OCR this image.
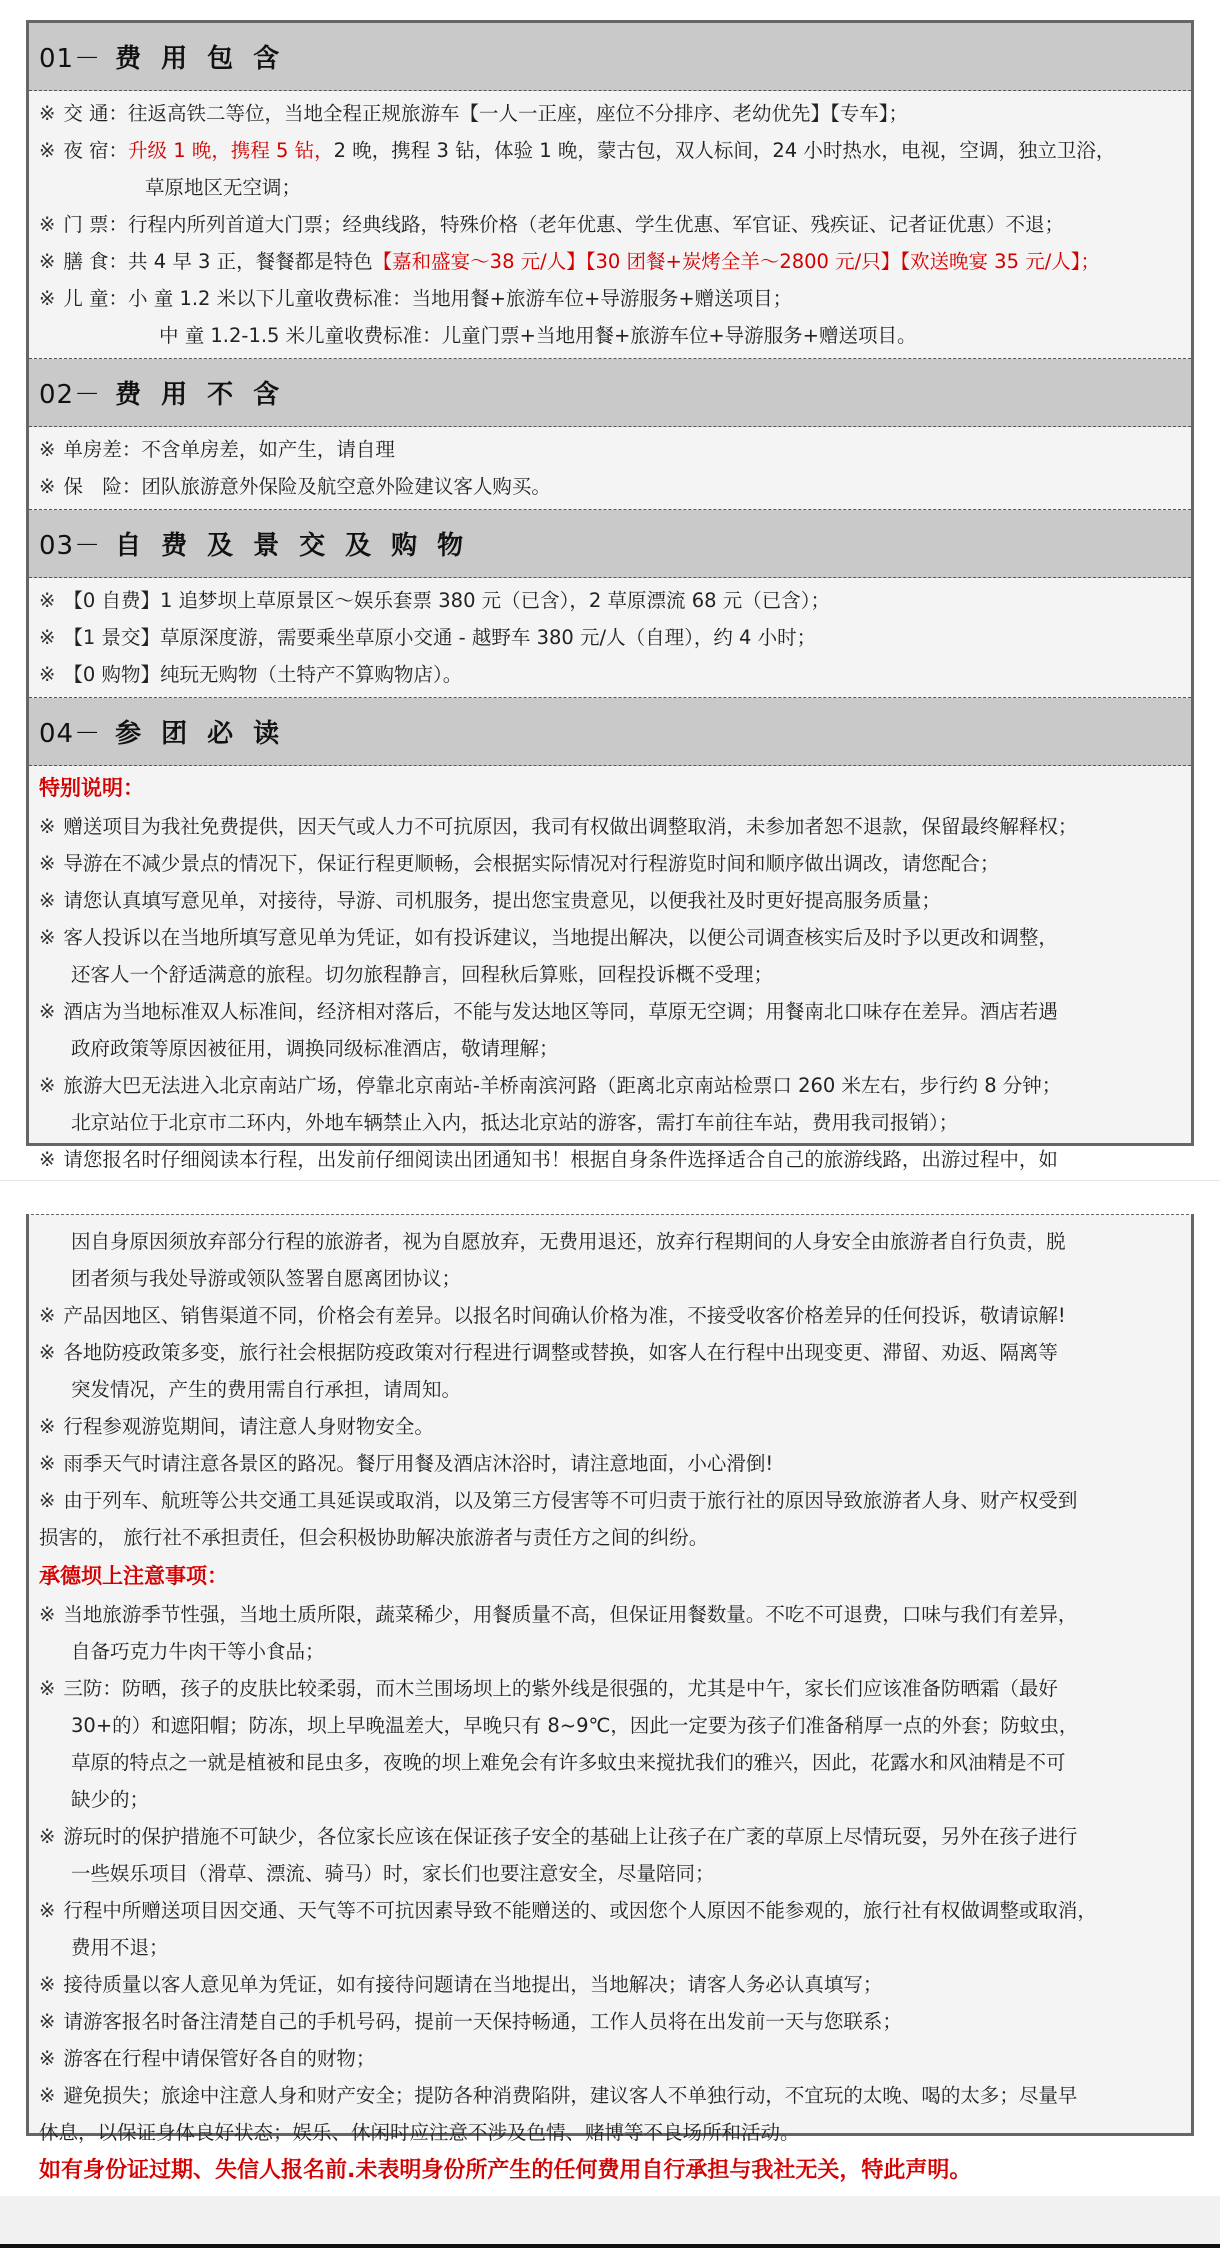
01－ 费用包含
※ 交 通：往返高铁二等位，当地全程正规旅游车【一人一正座，座位不分排序、老幼优先】【专车】；
※ 夜 宿：升级 1 晚，携程 5 钻，2 晚，携程 3 钻，体验 1 晚，蒙古包，双人标间，24 小时热水，电视，空调，独立卫浴，
草原地区无空调；
※ 门 票：行程内所列首道大门票；经典线路，特殊价格（老年优惠、学生优惠、军官证、残疾证、记者证优惠）不退；
※ 膳 食：共 4 早 3 正，餐餐都是特色【嘉和盛宴～38 元/人】【30 团餐+炭烤全羊～2800 元/只】【欢送晚宴 35 元/人】；
※ 儿 童：小 童 1.2 米以下儿童收费标准：当地用餐+旅游车位+导游服务+赠送项目；
中 童 1.2-1.5 米儿童收费标准：儿童门票+当地用餐+旅游车位+导游服务+赠送项目。
02－ 费用不含
※ 单房差：不含单房差，如产生，请自理
※ 保　险：团队旅游意外保险及航空意外险建议客人购买。
03－ 自费及景交及购物
※ 【0 自费】1 追梦坝上草原景区～娱乐套票 380 元（已含），2 草原漂流 68 元（已含）；
※ 【1 景交】草原深度游，需要乘坐草原小交通 - 越野车 380 元/人（自理），约 4 小时；
※ 【0 购物】纯玩无购物（土特产不算购物店）。
04－ 参团必读
特别说明：
※ 赠送项目为我社免费提供，因天气或人力不可抗原因，我司有权做出调整取消，未参加者恕不退款，保留最终解释权；
※ 导游在不减少景点的情况下，保证行程更顺畅，会根据实际情况对行程游览时间和顺序做出调改，请您配合；
※ 请您认真填写意见单，对接待，导游、司机服务，提出您宝贵意见，以便我社及时更好提高服务质量；
※ 客人投诉以在当地所填写意见单为凭证，如有投诉建议，当地提出解决，以便公司调查核实后及时予以更改和调整，
还客人一个舒适满意的旅程。切勿旅程静言，回程秋后算账，回程投诉概不受理；
※ 酒店为当地标准双人标准间，经济相对落后，不能与发达地区等同，草原无空调；用餐南北口味存在差异。酒店若遇
政府政策等原因被征用，调换同级标准酒店，敬请理解；
※ 旅游大巴无法进入北京南站广场，停靠北京南站-羊桥南滨河路（距离北京南站检票口 260 米左右，步行约 8 分钟；
北京站位于北京市二环内，外地车辆禁止入内，抵达北京站的游客，需打车前往车站，费用我司报销）；
※ 请您报名时仔细阅读本行程，出发前仔细阅读出团通知书！根据自身条件选择适合自己的旅游线路，出游过程中，如
因自身原因须放弃部分行程的旅游者，视为自愿放弃，无费用退还，放弃行程期间的人身安全由旅游者自行负责，脱
团者须与我处导游或领队签署自愿离团协议；
※ 产品因地区、销售渠道不同，价格会有差异。以报名时间确认价格为准，不接受收客价格差异的任何投诉，敬请谅解!
※ 各地防疫政策多变，旅行社会根据防疫政策对行程进行调整或替换，如客人在行程中出现变更、滞留、劝返、隔离等
突发情况，产生的费用需自行承担，请周知。
※ 行程参观游览期间，请注意人身财物安全。
※ 雨季天气时请注意各景区的路况。餐厅用餐及酒店沐浴时，请注意地面，小心滑倒!
※ 由于列车、航班等公共交通工具延误或取消，以及第三方侵害等不可归责于旅行社的原因导致旅游者人身、财产权受到
损害的， 旅行社不承担责任，但会积极协助解决旅游者与责任方之间的纠纷。
承德坝上注意事项：
※ 当地旅游季节性强，当地土质所限，蔬菜稀少，用餐质量不高，但保证用餐数量。不吃不可退费，口味与我们有差异，
自备巧克力牛肉干等小食品；
※ 三防：防晒，孩子的皮肤比较柔弱，而木兰围场坝上的紫外线是很强的，尤其是中午，家长们应该准备防晒霜（最好
30+的）和遮阳帽；防冻，坝上早晚温差大，早晚只有 8~9℃，因此一定要为孩子们准备稍厚一点的外套；防蚊虫，
草原的特点之一就是植被和昆虫多，夜晚的坝上难免会有许多蚊虫来搅扰我们的雅兴，因此，花露水和风油精是不可
缺少的；
※ 游玩时的保护措施不可缺少，各位家长应该在保证孩子安全的基础上让孩子在广袤的草原上尽情玩耍，另外在孩子进行
一些娱乐项目（滑草、漂流、骑马）时，家长们也要注意安全，尽量陪同；
※ 行程中所赠送项目因交通、天气等不可抗因素导致不能赠送的、或因您个人原因不能参观的，旅行社有权做调整或取消，
费用不退；
※ 接待质量以客人意见单为凭证，如有接待问题请在当地提出，当地解决；请客人务必认真填写；
※ 请游客报名时备注清楚自己的手机号码，提前一天保持畅通，工作人员将在出发前一天与您联系；
※ 游客在行程中请保管好各自的财物；
※ 避免损失；旅途中注意人身和财产安全；提防各种消费陷阱，建议客人不单独行动，不宜玩的太晚、喝的太多；尽量早
休息，以保证身体良好状态；娱乐、休闲时应注意不涉及色情、赌博等不良场所和活动。
如有身份证过期、失信人报名前.未表明身份所产生的任何费用自行承担与我社无关，特此声明。
